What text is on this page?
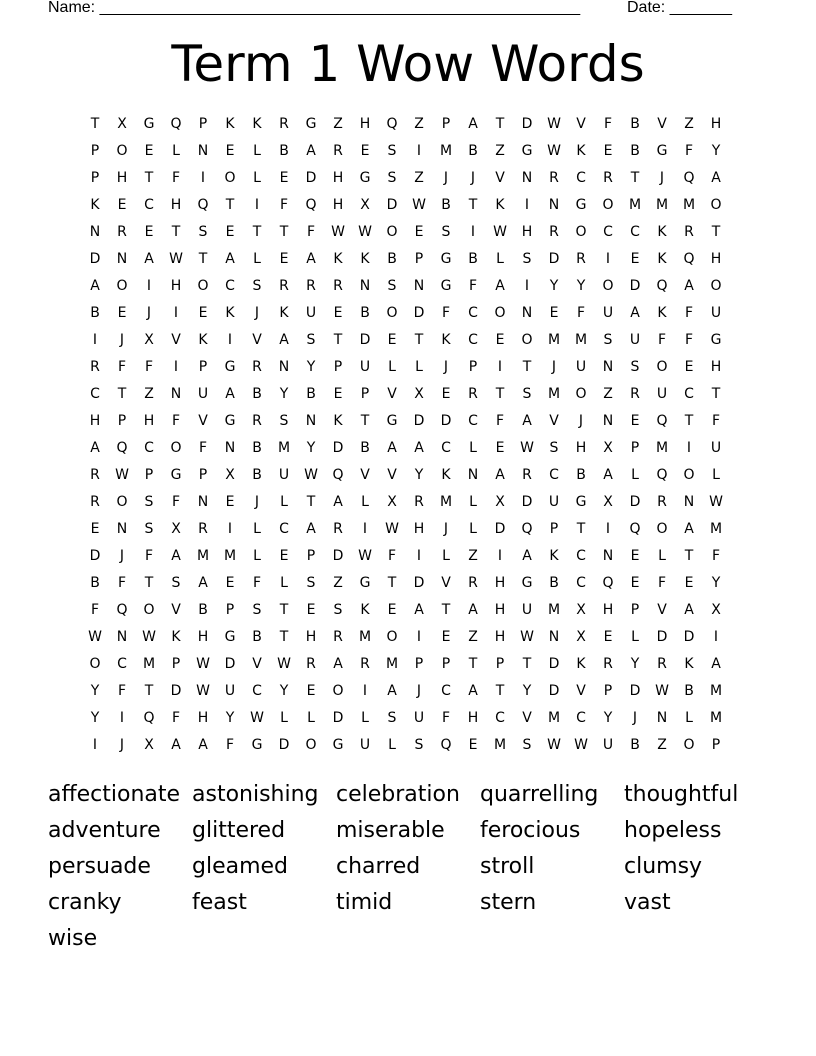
Name: ______________________________________________________	Date: _______
Term 1 Wow Words
T X G Q P K K R G Z H Q Z P A T D W V F B V Z H
P O E L N E L B A R E S I M B Z G W K E B G F Y
P H T F I O L E D H G S Z J J V N R C R T J Q A
K E C H Q T I F Q H X D W B T K I N G O M M M O
N R E T S E T T F W W O E S I W H R O C C K R T
D N A W T A L E A K K B P G B L S D R I E K Q H
A O I H O C S R R R N S N G F A I Y Y O D Q A O
B E J I E K J K U E B O D F C O N E F U A K F U
I J X V K I V A S T D E T K C E O M M S U F F G
R F F I P G R N Y P U L L J P I T J U N S O E H
C T Z N U A B Y B E P V X E R T S M O Z R U C T
H P H F V G R S N K T G D D C F A V J N E Q T F
A Q C O F N B M Y D B A A C L E W S H X P M I U
R W P G P X B U W Q V V Y K N A R C B A L Q O L
R O S F N E J L T A L X R M L X D U G X D R N W
E N S X R I L C A R I W H J L D Q P T I Q O A M
D J F A M M L E P D W F I L Z I A K C N E L T F
B F T S A E F L S Z G T D V R H G B C Q E F E Y
F Q O V B P S T E S K E A T A H U M X H P V A X
W N W K H G B T H R M O I E Z H W N X E L D D I
O C M P W D V W R A R M P P T P T D K R Y R K A
Y F T D W U C Y E O I A J C A T Y D V P D W B M
Y I Q F H Y W L L D L S U F H C V M C Y J N L M
I J X A A F G D O G U L S Q E M S W W U B Z O P
affectionate astonishing celebration quarrelling thoughtful
adventure glittered miserable ferocious hopeless
persuade gleamed charred	stroll	clumsy
cranky	feast	timid	stern	vast
wise
